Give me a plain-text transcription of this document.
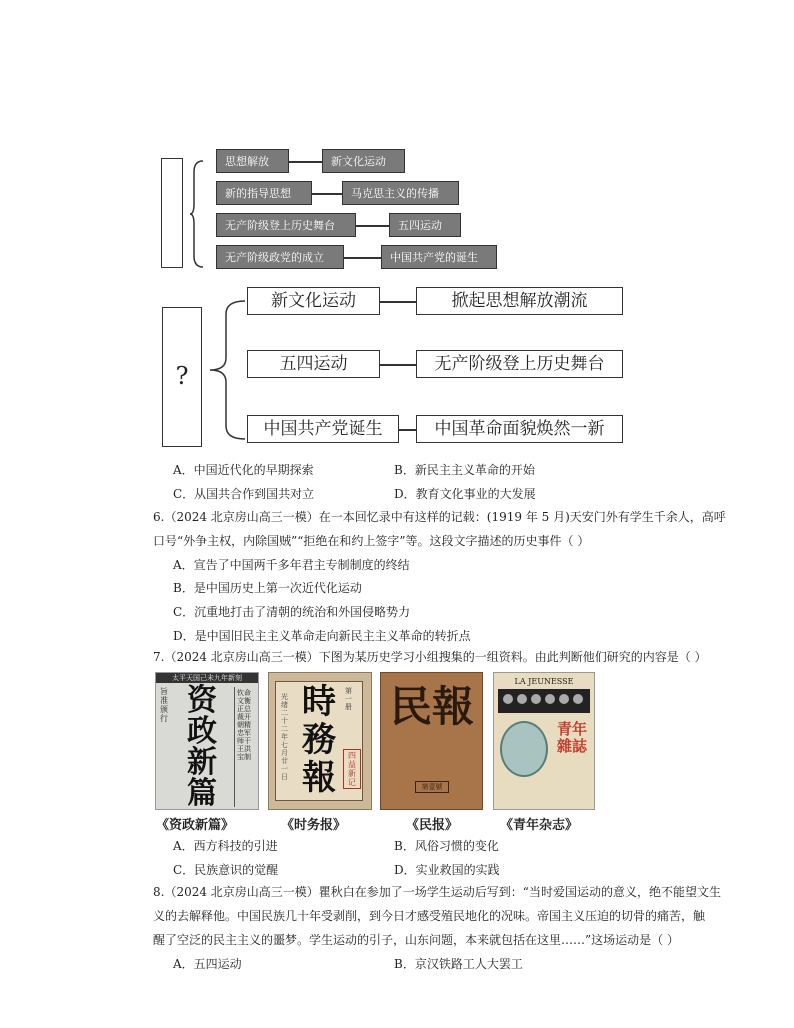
思想解放	新文化运动
新的指导思想	马克思主义的传播
无产阶级登上历史舞台	五四运动
无产阶级政党的成立	中国共产党的诞生
?
新文化运动	掀起思想解放潮流
五四运动	无产阶级登上历史舞台
中国共产党诞生	中国革命面貌焕然一新
A．中国近代化的早期探索	B．新民主主义革命的开始
C．从国共合作到国共对立	D．教育文化事业的大发展
6.（2024 北京房山高三一模）在一本回忆录中有这样的记载：(1919 年 5 月)天安门外有学生千余人，高呼
口号“外争主权，内除国贼”“拒绝在和约上签字”等。这段文字描述的历史事件（ ）
A．宣告了中国两千多年君主专制制度的终结
B．是中国历史上第一次近代化运动
C．沉重地打击了清朝的统治和外国侵略势力
D．是中国旧民主主义革命走向新民主主义革命的转折点
7.（2024 北京房山高三一模）下图为某历史学习小组搜集的一组资料。由此判断他们研究的内容是（ ）
太平天国己未九年新刻
旨准颁行
资政新篇
钦命文衡正总裁开朝精忠军师干王洪宝制
《资政新篇》
光绪二十二年七月廿一日
時務報
第一册
四益新记
《时务报》
民報
第壹號
《民报》
LA JEUNESSE
青年雜誌
《青年杂志》
A．西方科技的引进	B．风俗习惯的变化
C．民族意识的觉醒	D．实业救国的实践
8.（2024 北京房山高三一模）瞿秋白在参加了一场学生运动后写到：“当时爱国运动的意义，绝不能望文生
义的去解释他。中国民族几十年受剥削，到今日才感受殖民地化的况味。帝国主义压迫的切骨的痛苦，触
醒了空泛的民主主义的噩梦。学生运动的引子，山东问题，本来就包括在这里……”这场运动是（ ）
A．五四运动	B．京汉铁路工人大罢工
